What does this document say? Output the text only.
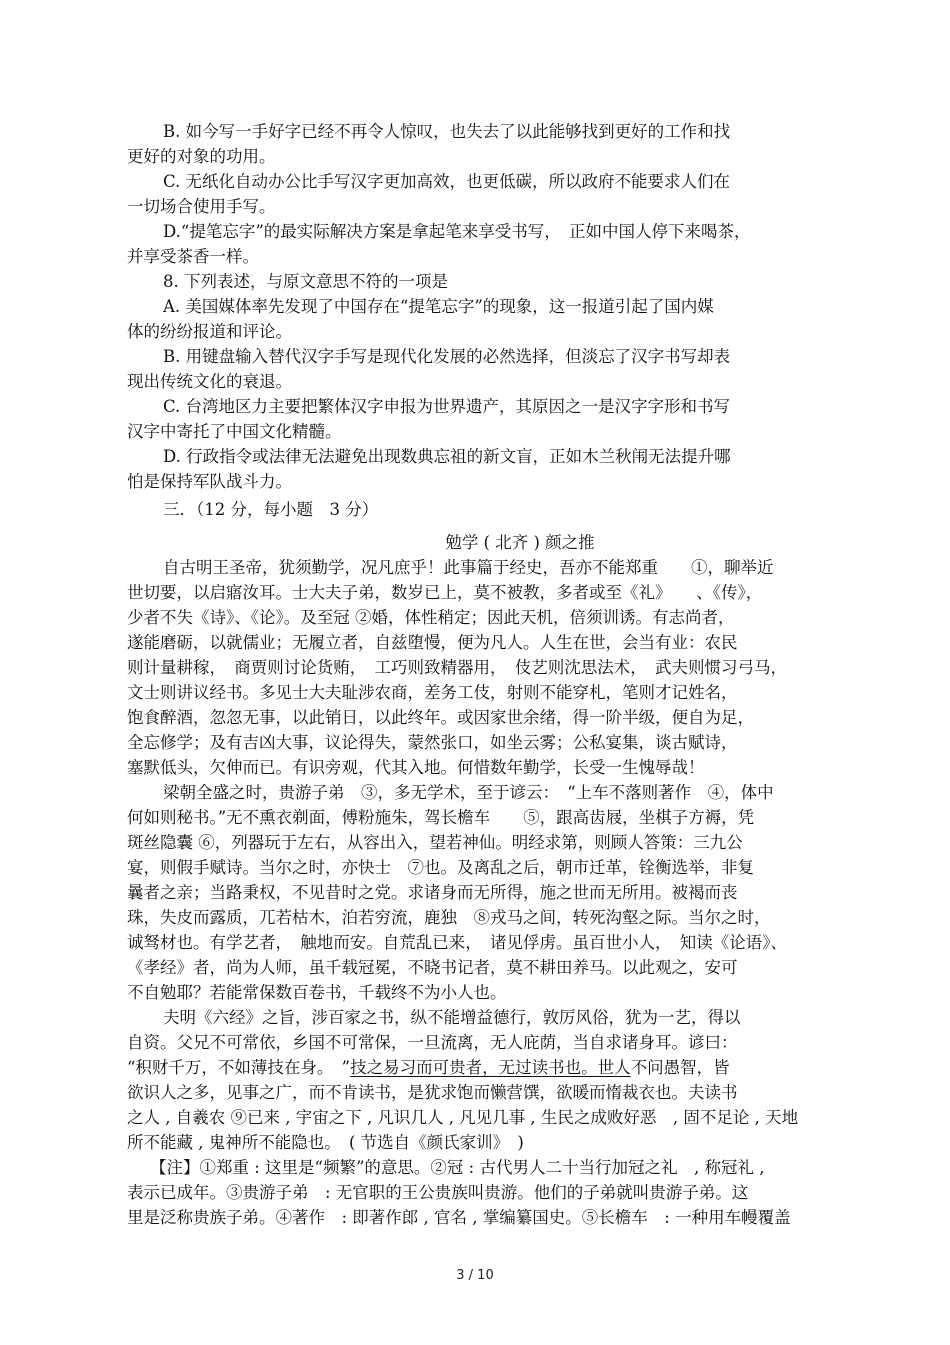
B. 如今写一手好字已经不再令人惊叹，也失去了以此能够找到更好的工作和找
更好的对象的功用。
C. 无纸化自动办公比手写汉字更加高效，也更低碳，所以政府不能要求人们在
一切场合使用手写。
D.“提笔忘字”的最实际解决方案是拿起笔来享受书写，　正如中国人停下来喝茶，
并享受茶香一样。
8. 下列表述，与原文意思不符的一项是
A. 美国媒体率先发现了中国存在“提笔忘字”的现象，这一报道引起了国内媒
体的纷纷报道和评论。
B. 用键盘输入替代汉字手写是现代化发展的必然选择，但淡忘了汉字书写却表
现出传统文化的衰退。
C. 台湾地区力主要把繁体汉字申报为世界遗产，其原因之一是汉字字形和书写
汉字中寄托了中国文化精髓。
D. 行政指令或法律无法避免出现数典忘祖的新文盲，正如木兰秋闱无法提升哪
怕是保持军队战斗力。
三．（12 分，每小题　3 分）
勉学 ( 北齐 ) 颜之推
自古明王圣帝，犹须勤学，况凡庶乎！此事篇于经史，吾亦不能郑重　　①，聊举近
世切要，以启寤汝耳。士大夫子弟，数岁已上，莫不被教，多者或至《礼》　　、《传》，
少者不失《诗》、《论》。及至冠 ②婚，体性稍定；因此天机，倍须训诱。有志尚者，
遂能磨砺，以就儒业；无履立者，自兹堕慢，便为凡人。人生在世，会当有业：农民
则计量耕稼，　商贾则讨论货贿，　工巧则致精器用，　伎艺则沈思法术，　武夫则惯习弓马，
文士则讲议经书。多见士大夫耻涉农商，差务工伎，射则不能穿札，笔则才记姓名，
饱食醉酒，忽忽无事，以此销日，以此终年。或因家世余绪，得一阶半级，便自为足，
全忘修学；及有吉凶大事，议论得失，蒙然张口，如坐云雾；公私宴集，谈古赋诗，
塞默低头，欠伸而已。有识旁观，代其入地。何惜数年勤学，长受一生愧辱哉！
梁朝全盛之时，贵游子弟　③，多无学术，至于谚云：　“上车不落则著作　④，体中
何如则秘书。”无不熏衣剃面，傅粉施朱，驾长檐车　　⑤，跟高齿屐，坐棋子方褥，凭
斑丝隐囊 ⑥，列器玩于左右，从容出入，望若神仙。明经求第，则顾人答策：三九公
宴，则假手赋诗。当尔之时，亦快士　⑦也。及离乱之后，朝市迁革，铨衡选举，非复
曩者之亲；当路秉权，不见昔时之党。求诸身而无所得，施之世而无所用。被褐而丧
珠，失皮而露质，兀若枯木，泊若穷流，鹿独　⑧戎马之间，转死沟壑之际。当尔之时，
诚驽材也。有学艺者，　触地而安。自荒乱已来，　诸见俘虏。虽百世小人，　知读《论语》、
《孝经》者，尚为人师，虽千载冠冕，不晓书记者，莫不耕田养马。以此观之，安可
不自勉耶？若能常保数百卷书，千载终不为小人也。
夫明《六经》之旨，涉百家之书，纵不能增益德行，敦厉风俗，犹为一艺，得以
自资。父兄不可常依，乡国不可常保，一旦流离，无人庇荫，当自求诸身耳。谚曰：
“积财千万，不如薄技在身。　”技之易习而可贵者，无过读书也。世人不问愚智，皆
欲识人之多，见事之广，而不肯读书，是犹求饱而懒营馔，欲暖而惰裁衣也。夫读书
之人 , 自羲农 ⑨已来 , 宇宙之下 , 凡识几人 , 凡见几事 , 生民之成败好恶　, 固不足论 , 天地
所不能藏 , 鬼神所不能隐也。　( 节选自《颜氏家训》　)
【注】①郑重 : 这里是“频繁”的意思。②冠 : 古代男人二十当行加冠之礼　, 称冠礼 ,
表示已成年。③贵游子弟　: 无官职的王公贵族叫贵游。他们的子弟就叫贵游子弟。这
里是泛称贵族子弟。④著作　: 即著作郎 , 官名 , 掌编纂国史。⑤长檐车　: 一种用车幔覆盖
3 / 10
